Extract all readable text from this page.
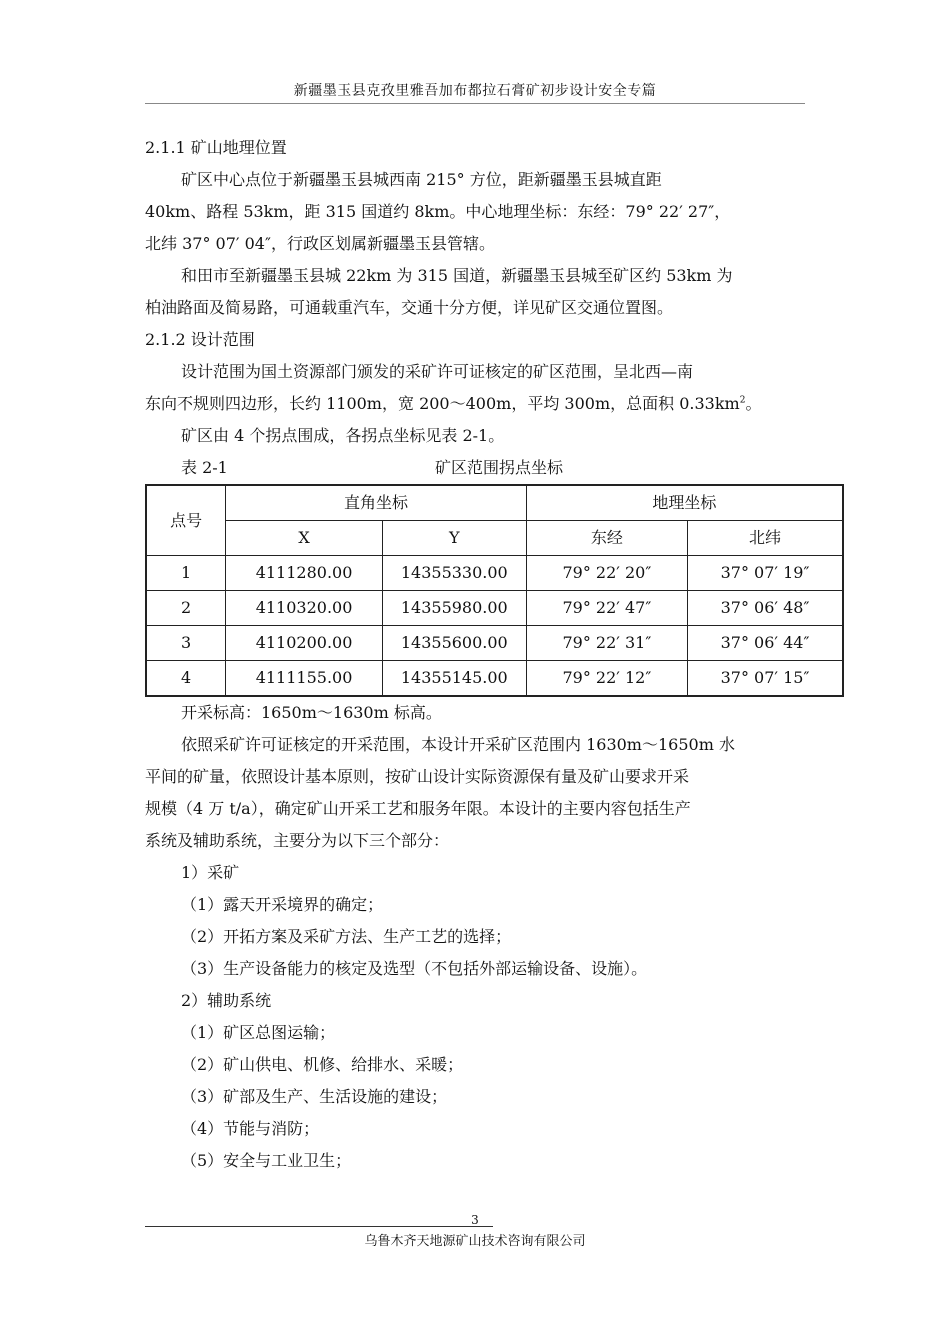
新疆墨玉县克孜里雅吾加布都拉石膏矿初步设计安全专篇
2.1.1 矿山地理位置
矿区中心点位于新疆墨玉县城西南 215° 方位，距新疆墨玉县城直距
40km、路程 53km，距 315 国道约 8km。中心地理坐标：东经：79° 22′ 27″，
北纬 37° 07′ 04″，行政区划属新疆墨玉县管辖。
和田市至新疆墨玉县城 22km 为 315 国道，新疆墨玉县城至矿区约 53km 为
柏油路面及简易路，可通载重汽车，交通十分方便，详见矿区交通位置图。
2.1.2 设计范围
设计范围为国土资源部门颁发的采矿许可证核定的矿区范围，呈北西—南
东向不规则四边形，长约 1100m，宽 200～400m，平均 300m，总面积 $0.33km^2$。
矿区由 4 个拐点围成，各拐点坐标见表 2-1。
表 2-1	矿区范围拐点坐标
点号	直角坐标		地理坐标	
	X	Y	东经	北纬
1	4111280.00	14355330.00	79° 22′ 20″	37° 07′ 19″
2	4110320.00	14355980.00	79° 22′ 47″	37° 06′ 48″
3	4110200.00	14355600.00	79° 22′ 31″	37° 06′ 44″
4	4111155.00	14355145.00	79° 22′ 12″	37° 07′ 15″
开采标高：1650m～1630m 标高。
依照采矿许可证核定的开采范围，本设计开采矿区范围内 1630m～1650m 水
平间的矿量，依照设计基本原则，按矿山设计实际资源保有量及矿山要求开采
规模（4 万 t/a），确定矿山开采工艺和服务年限。本设计的主要内容包括生产
系统及辅助系统，主要分为以下三个部分：
1）采矿
（1）露天开采境界的确定；
（2）开拓方案及采矿方法、生产工艺的选择；
（3）生产设备能力的核定及选型（不包括外部运输设备、设施）。
2）辅助系统
（1）矿区总图运输；
（2）矿山供电、机修、给排水、采暖；
（3）矿部及生产、生活设施的建设；
（4）节能与消防；
（5）安全与工业卫生；
3
乌鲁木齐天地源矿山技术咨询有限公司
